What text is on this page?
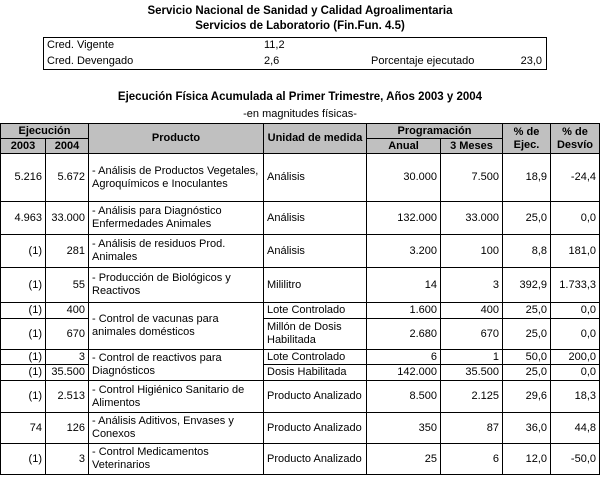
Servicio Nacional de Sanidad y Calidad Agroalimentaria
Servicios de Laboratorio (Fin.Fun. 4.5)
Cred. Vigente	11,2
Cred. Devengado	2,6	Porcentaje ejecutado	23,0
Ejecución Física Acumulada al Primer Trimestre, Años 2003 y 2004
-en magnitudes físicas-
Ejecución		Producto	Unidad de medida	Programación		% de Ejec.	% de Desvío
2003	2004			Anual	3 Meses		
5.216	5.672	- Análisis de Productos Vegetales, Agroquímicos e Inoculantes	Análisis	30.000	7.500	18,9	-24,4
4.963	33.000	- Análisis para Diagnóstico Enfermedades Animales	Análisis	132.000	33.000	25,0	0,0
(1)	281	- Análisis de residuos Prod. Animales	Análisis	3.200	100	8,8	181,0
(1)	55	- Producción de Biológicos y Reactivos	Mililitro	14	3	392,9	1.733,3
(1)	400	- Control de vacunas para animales domésticos	Lote Controlado	1.600	400	25,0	0,0
(1)	670		Millón de Dosis Habilitada	2.680	670	25,0	0,0
(1)	3	- Control de reactivos para Diagnósticos	Lote Controlado	6	1	50,0	200,0
(1)	35.500		Dosis Habilitada	142.000	35.500	25,0	0,0
(1)	2.513	- Control Higiénico Sanitario de Alimentos	Producto Analizado	8.500	2.125	29,6	18,3
74	126	- Análisis Aditivos, Envases y Conexos	Producto Analizado	350	87	36,0	44,8
(1)	3	- Control Medicamentos Veterinarios	Producto Analizado	25	6	12,0	-50,0
